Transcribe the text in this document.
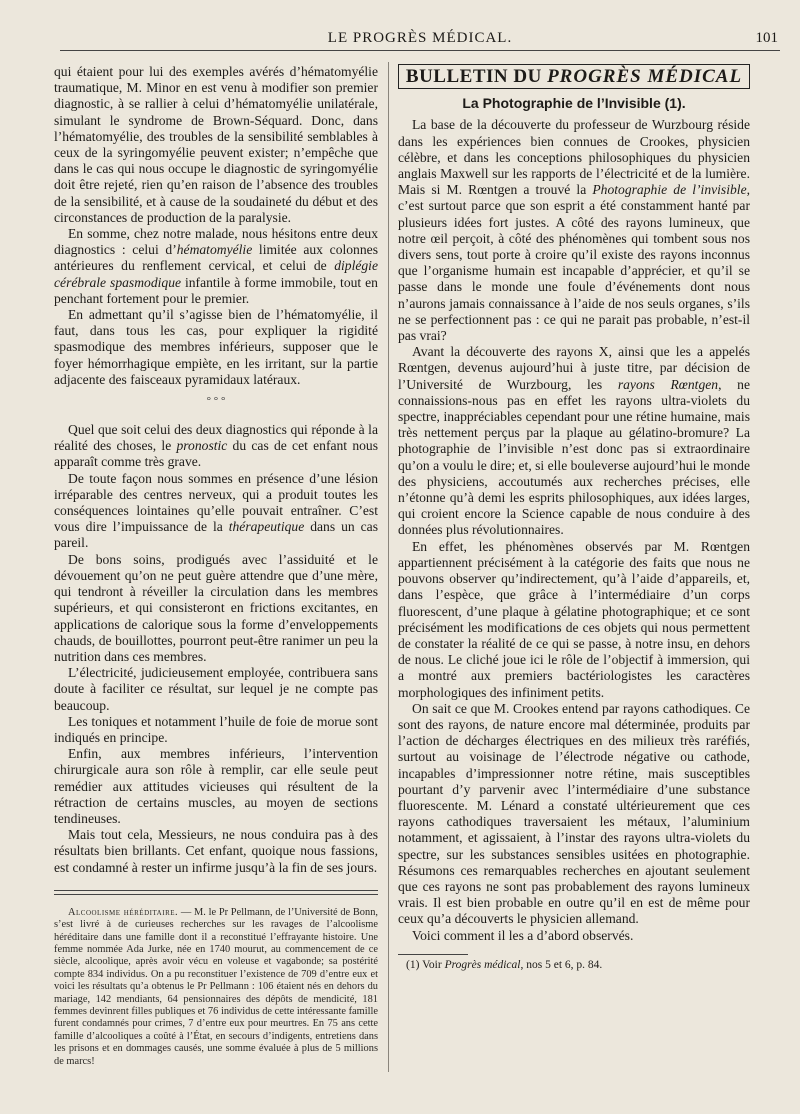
LE PROGRÈS MÉDICAL.	101

qui étaient pour lui des exemples avérés d’hématomyélie traumatique, M. Minor en est venu à modifier son premier diagnostic, à se rallier à celui d’hématomyélie unilatérale, simulant le syndrome de Brown-Séquard. Donc, dans l’hématomyélie, des troubles de la sensibilité semblables à ceux de la syringomyélie peuvent exister; n’empêche que dans le cas qui nous occupe le diagnostic de syringomyélie doit être rejeté, rien qu’en raison de l’absence des troubles de la sensibilité, et à cause de la soudaineté du début et des circonstances de production de la paralysie.

En somme, chez notre malade, nous hésitons entre deux diagnostics : celui d’hématomyélie limitée aux colonnes antérieures du renflement cervical, et celui de diplégie cérébrale spasmodique infantile à forme immobile, tout en penchant fortement pour le premier.

En admettant qu’il s’agisse bien de l’hématomyélie, il faut, dans tous les cas, pour expliquer la rigidité spasmodique des membres inférieurs, supposer que le foyer hémorrhagique empiète, en les irritant, sur la partie adjacente des faisceaux pyramidaux latéraux.

° ° °

Quel que soit celui des deux diagnostics qui réponde à la réalité des choses, le pronostic du cas de cet enfant nous apparaît comme très grave.

De toute façon nous sommes en présence d’une lésion irréparable des centres nerveux, qui a produit toutes les conséquences lointaines qu’elle pouvait entraîner. C’est vous dire l’impuissance de la thérapeutique dans un cas pareil.

De bons soins, prodigués avec l’assiduité et le dévouement qu’on ne peut guère attendre que d’une mère, qui tendront à réveiller la circulation dans les membres supérieurs, et qui consisteront en frictions excitantes, en applications de calorique sous la forme d’enveloppements chauds, de bouillottes, pourront peut-être ranimer un peu la nutrition dans ces membres.

L’électricité, judicieusement employée, contribuera sans doute à faciliter ce résultat, sur lequel je ne compte pas beaucoup.

Les toniques et notamment l’huile de foie de morue sont indiqués en principe.

Enfin, aux membres inférieurs, l’intervention chirurgicale aura son rôle à remplir, car elle seule peut remédier aux attitudes vicieuses qui résultent de la rétraction de certains muscles, au moyen de sections tendineuses.

Mais tout cela, Messieurs, ne nous conduira pas à des résultats bien brillants. Cet enfant, quoique nous fassions, est condamné à rester un infirme jusqu’à la fin de ses jours.

Alcoolisme héréditaire. — M. le Pr Pellmann, de l’Université de Bonn, s’est livré à de curieuses recherches sur les ravages de l’alcoolisme héréditaire dans une famille dont il a reconstitué l’effrayante histoire. Une femme nommée Ada Jurke, née en 1740 mourut, au commencement de ce siècle, alcoolique, après avoir vécu en voleuse et vagabonde; sa postérité compte 834 individus. On a pu reconstituer l’existence de 709 d’entre eux et voici les résultats qu’a obtenus le Pr Pellmann : 106 étaient nés en dehors du mariage, 142 mendiants, 64 pensionnaires des dépôts de mendicité, 181 femmes devinrent filles publiques et 76 individus de cette intéressante famille furent condamnés pour crimes, 7 d’entre eux pour meurtres. En 75 ans cette famille d’alcooliques a coûté à l’État, en secours d’indigents, entretiens dans les prisons et en dommages causés, une somme évaluée à plus de 5 millions de marcs!

BULLETIN DU PROGRÈS MÉDICAL
La Photographie de l’Invisible (1).

La base de la découverte du professeur de Wurzbourg réside dans les expériences bien connues de Crookes, physicien célèbre, et dans les conceptions philosophiques du physicien anglais Maxwell sur les rapports de l’électricité et de la lumière. Mais si M. Rœntgen a trouvé la Photographie de l’invisible, c’est surtout parce que son esprit a été constamment hanté par plusieurs idées fort justes. A côté des rayons lumineux, que notre œil perçoit, à côté des phénomènes qui tombent sous nos divers sens, tout porte à croire qu’il existe des rayons inconnus que l’organisme humain est incapable d’apprécier, et qu’il se passe dans le monde une foule d’événements dont nous n’aurons jamais connaissance à l’aide de nos seuls organes, s’ils ne se perfectionnent pas : ce qui ne parait pas probable, n’est-il pas vrai?

Avant la découverte des rayons X, ainsi que les a appelés Rœntgen, devenus aujourd’hui à juste titre, par décision de l’Université de Wurzbourg, les rayons Rœntgen, ne connaissions-nous pas en effet les rayons ultra-violets du spectre, inappréciables cependant pour une rétine humaine, mais très nettement perçus par la plaque au gélatino-bromure? La photographie de l’invisible n’est donc pas si extraordinaire qu’on a voulu le dire; et, si elle bouleverse aujourd’hui le monde des physiciens, accoutumés aux recherches précises, elle n’étonne qu’à demi les esprits philosophiques, aux idées larges, qui croient encore la Science capable de nous conduire à des données plus révolutionnaires.

En effet, les phénomènes observés par M. Rœntgen appartiennent précisément à la catégorie des faits que nous ne pouvons observer qu’indirectement, qu’à l’aide d’appareils, et, dans l’espèce, que grâce à l’intermédiaire d’un corps fluorescent, d’une plaque à gélatine photographique; et ce sont précisément les modifications de ces objets qui nous permettent de constater la réalité de ce qui se passe, à notre insu, en dehors de nous. Le cliché joue ici le rôle de l’objectif à immersion, qui a montré aux premiers bactériologistes les caractères morphologiques des infiniment petits.

On sait ce que M. Crookes entend par rayons cathodiques. Ce sont des rayons, de nature encore mal déterminée, produits par l’action de décharges électriques en des milieux très raréfiés, surtout au voisinage de l’électrode négative ou cathode, incapables d’impressionner notre rétine, mais susceptibles pourtant d’y parvenir avec l’intermédiaire d’une substance fluorescente. M. Lénard a constaté ultérieurement que ces rayons cathodiques traversaient les métaux, l’aluminium notamment, et agissaient, à l’instar des rayons ultra-violets du spectre, sur les substances sensibles usitées en photographie. Résumons ces remarquables recherches en ajoutant seulement que ces rayons ne sont pas probablement des rayons lumineux vrais. Il est bien probable en outre qu’il en est de même pour ceux qu’a découverts le physicien allemand.

Voici comment il les a d’abord observés.

(1) Voir Progrès médical, nos 5 et 6, p. 84.
